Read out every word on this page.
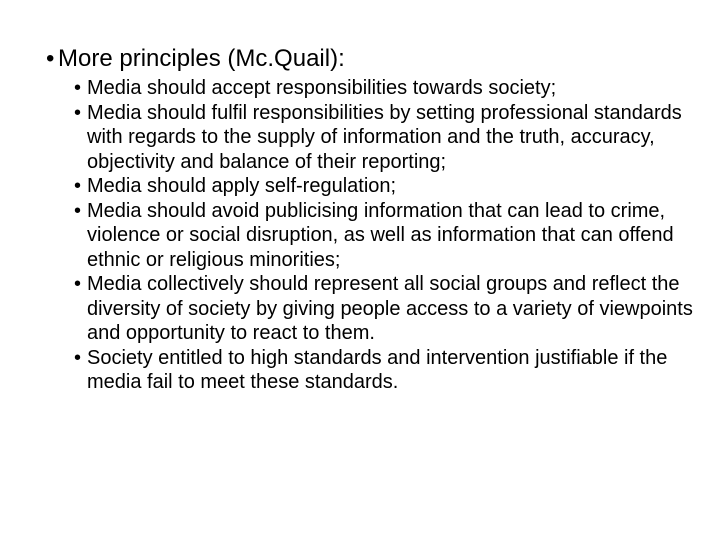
• More principles (Mc.Quail):
• Media should accept responsibilities towards society;
• Media should fulfil responsibilities by setting professional standards with regards to the supply of information and the truth, accuracy, objectivity and balance of their reporting;
• Media should apply self-regulation;
• Media should avoid publicising information that can lead to crime, violence or social disruption, as well as information that can offend ethnic or religious minorities;
• Media collectively should represent all social groups and reflect the diversity of society by giving people access to a variety of viewpoints and opportunity to react to them.
• Society entitled to high standards and intervention justifiable if the media fail to meet these standards.
